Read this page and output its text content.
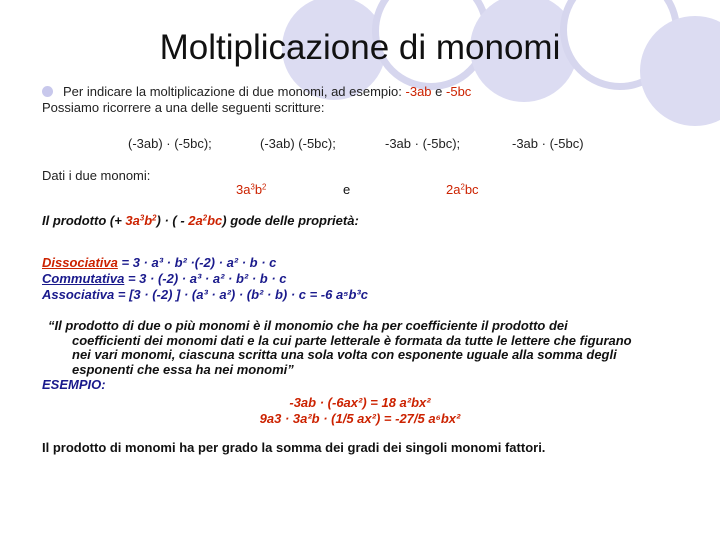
Moltiplicazione di monomi
Per indicare la moltiplicazione di due monomi, ad esempio: -3ab e -5bc
Possiamo ricorrere a una delle seguenti scritture:
(-3ab) · (-5bc);	(-3ab) (-5bc);	-3ab · (-5bc);	-3ab · (-5bc)
Dati i due monomi:
$3a^3b^2$	e	$2a^2bc$
Il prodotto (+ $3a^3b^2$) · ( - $2a^2bc$) gode delle proprietà:
Dissociativa = 3 · a³ · b² ·(-2) · a² · b · c
Commutativa = 3 · (-2) · a³ · a² · b² · b · c
Associativa = [3 · (-2) ] · (a³ · a²) · (b² · b) · c = -6 a⁵b³c
“Il prodotto di due o più monomi è il monomio che ha per coefficiente il prodotto dei
coefficienti dei monomi dati e la cui parte letterale è formata da tutte le lettere che figurano
nei vari monomi, ciascuna scritta una sola volta con esponente uguale alla somma degli
esponenti che essa ha nei monomi”
ESEMPIO:
-3ab · (-6ax²) = 18 a²bx²
9a3 · 3a²b · (1/5 ax²) = -27/5 a⁶bx²
Il prodotto di monomi ha per grado la somma dei gradi dei singoli monomi fattori.
